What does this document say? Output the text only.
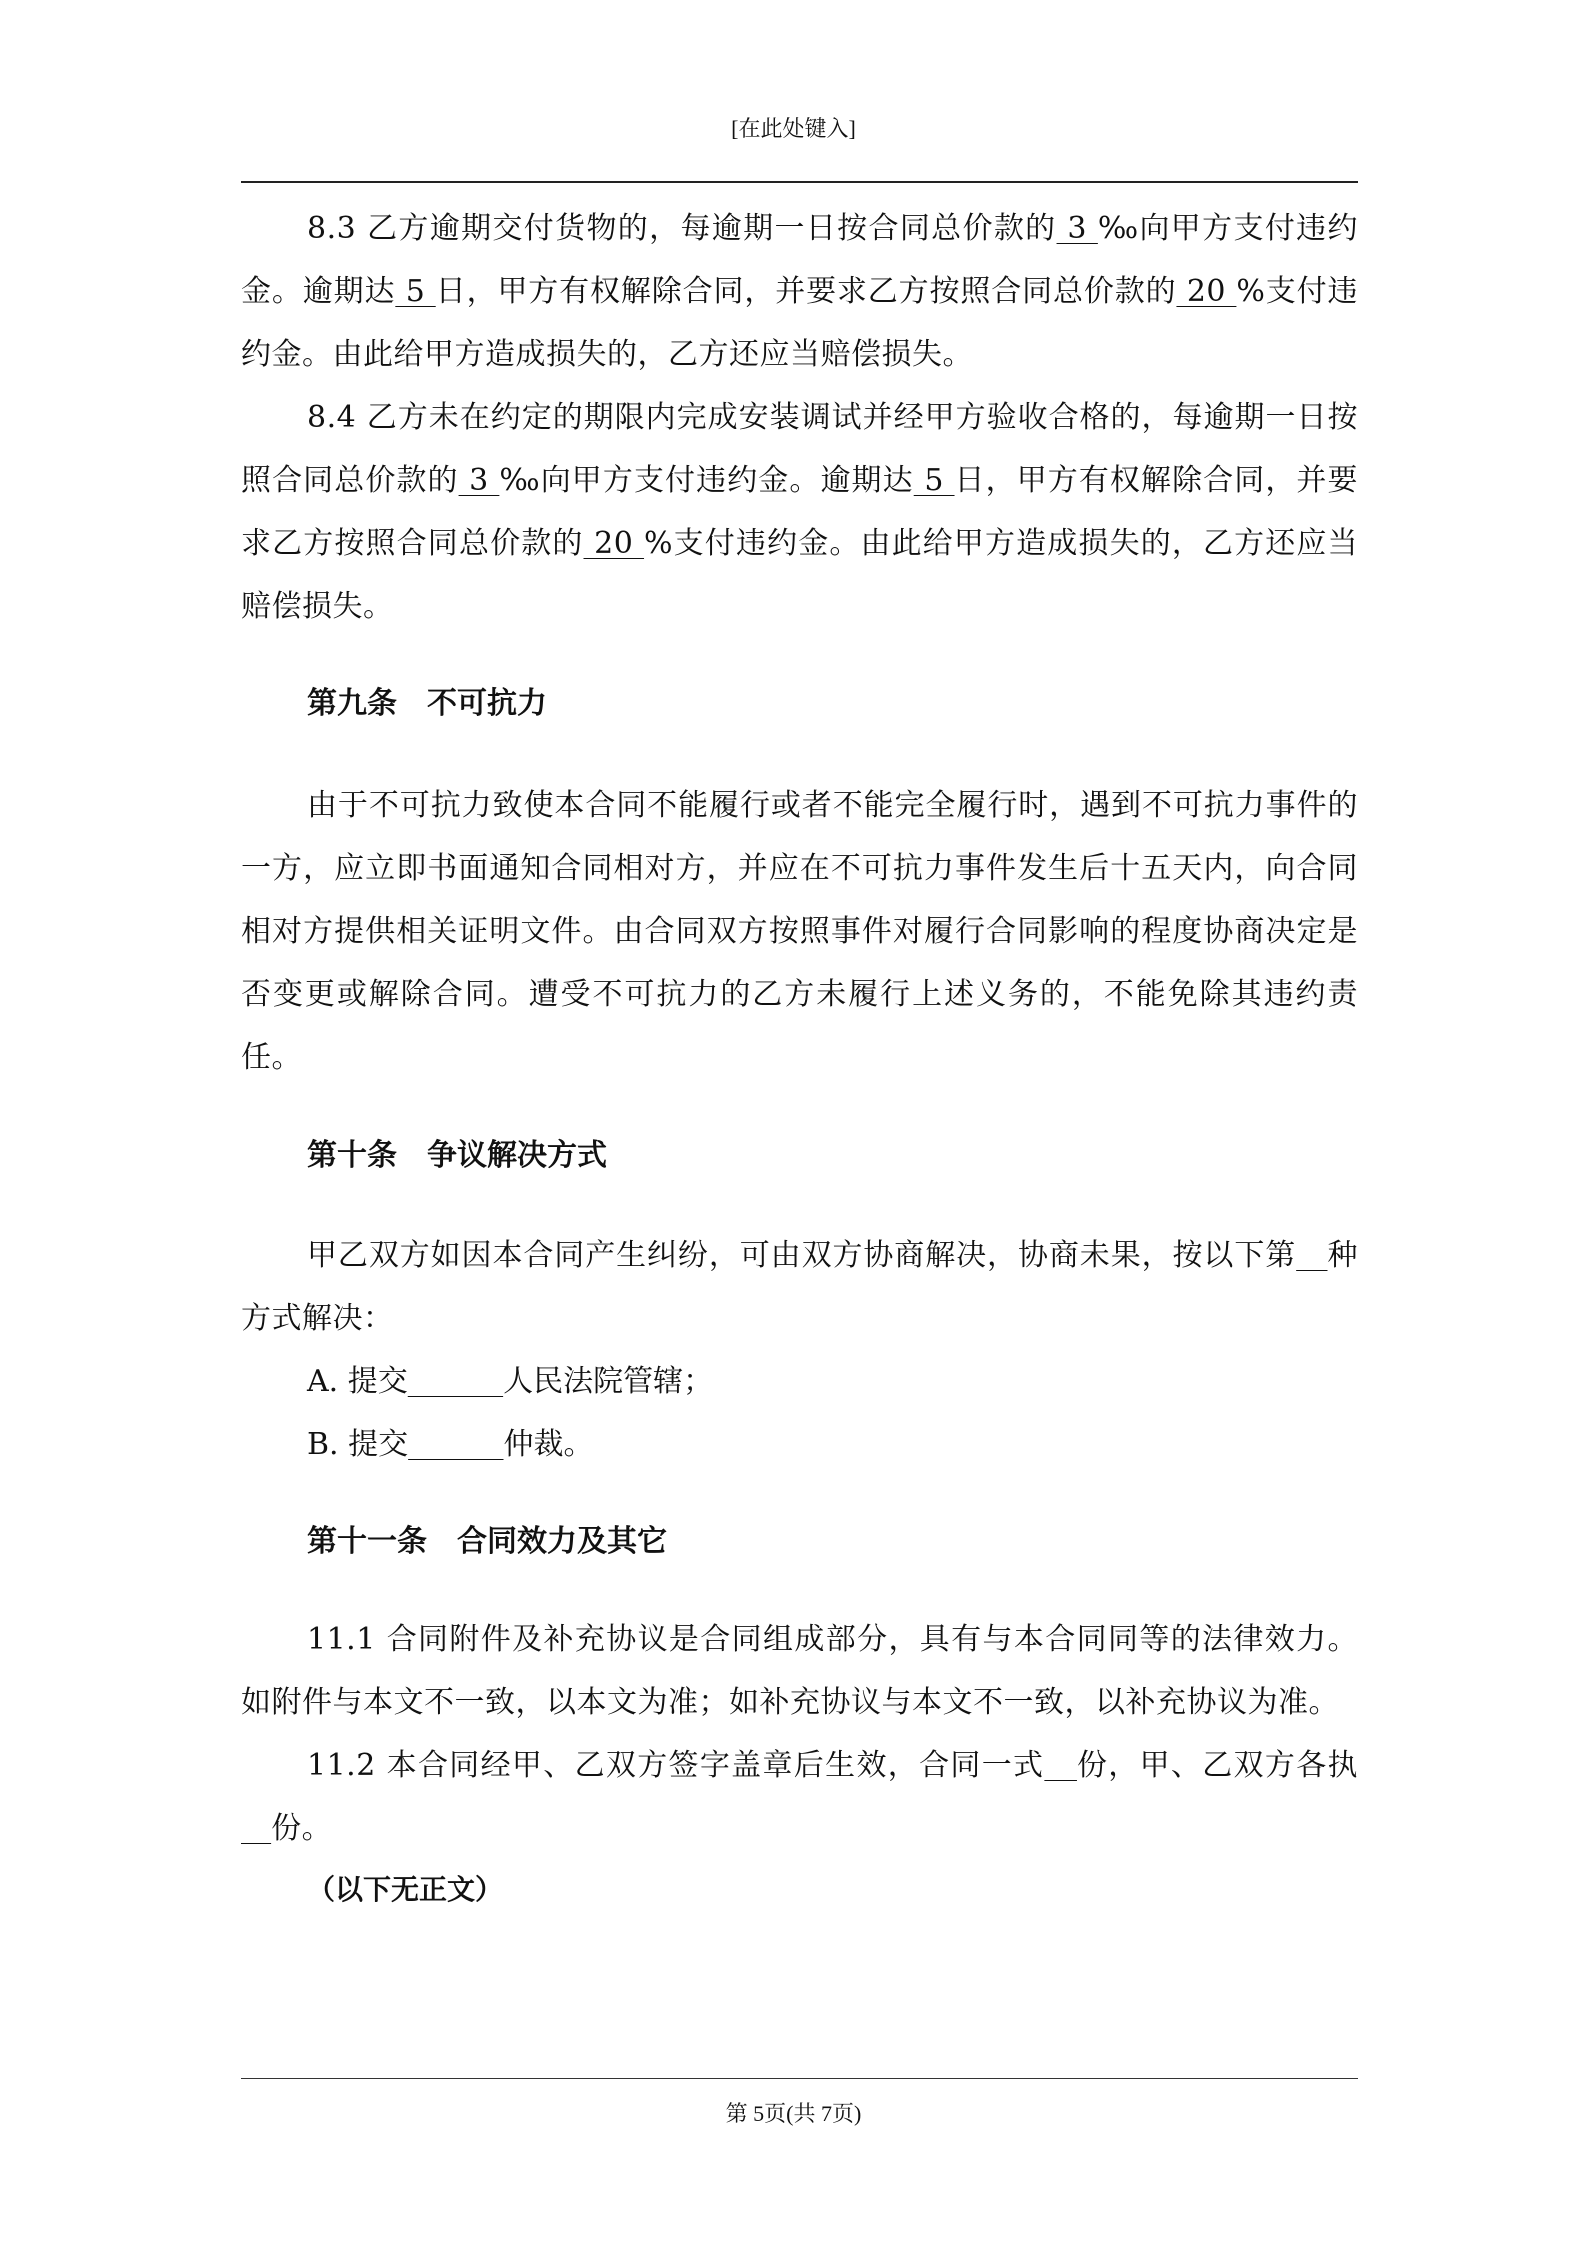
[在此处键入]

8.3 乙方逾期交付货物的，每逾期一日按合同总价款的 3 ‰向甲方支付违约金。逾期达 5 日，甲方有权解除合同，并要求乙方按照合同总价款的 20 %支付违约金。由此给甲方造成损失的，乙方还应当赔偿损失。

8.4 乙方未在约定的期限内完成安装调试并经甲方验收合格的，每逾期一日按照合同总价款的 3 ‰向甲方支付违约金。逾期达 5 日，甲方有权解除合同，并要求乙方按照合同总价款的 20 %支付违约金。由此给甲方造成损失的，乙方还应当赔偿损失。

第九条　不可抗力

由于不可抗力致使本合同不能履行或者不能完全履行时，遇到不可抗力事件的一方，应立即书面通知合同相对方，并应在不可抗力事件发生后十五天内，向合同相对方提供相关证明文件。由合同双方按照事件对履行合同影响的程度协商决定是否变更或解除合同。遭受不可抗力的乙方未履行上述义务的，不能免除其违约责任。

第十条　争议解决方式

甲乙双方如因本合同产生纠纷，可由双方协商解决，协商未果，按以下第 种方式解决：

A. 提交	人民法院管辖；

B. 提交	仲裁。

第十一条　合同效力及其它

11.1 合同附件及补充协议是合同组成部分，具有与本合同同等的法律效力。如附件与本文不一致，以本文为准；如补充协议与本文不一致，以补充协议为准。

11.2 本合同经甲、乙双方签字盖章后生效，合同一式 份，甲、乙双方各执   份。

（以下无正文）

第 5页(共 7页)
